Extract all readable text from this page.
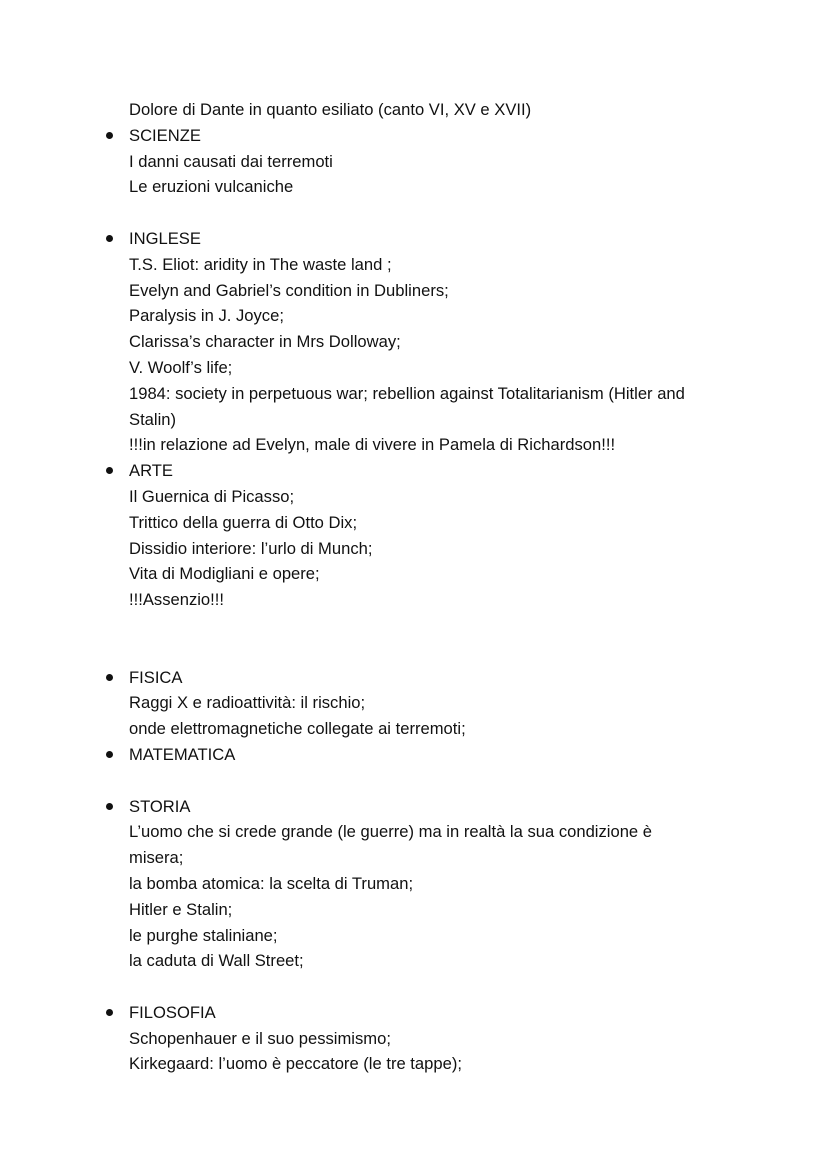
Dolore di Dante in quanto esiliato (canto VI, XV e XVII)
SCIENZE
I danni causati dai terremoti
Le eruzioni vulcaniche
INGLESE
T.S. Eliot: aridity in The waste land ;
Evelyn and Gabriel’s condition in Dubliners;
Paralysis in J. Joyce;
Clarissa’s character in Mrs Dolloway;
V. Woolf’s life;
1984: society in perpetuous war; rebellion against Totalitarianism (Hitler and
Stalin)
!!!in relazione ad Evelyn, male di vivere in Pamela di Richardson!!!
ARTE
Il Guernica di Picasso;
Trittico della guerra di Otto Dix;
Dissidio interiore: l’urlo di Munch;
Vita di Modigliani e opere;
!!!Assenzio!!!
FISICA
Raggi X e radioattività: il rischio;
onde elettromagnetiche collegate ai terremoti;
MATEMATICA
STORIA
L’uomo che si crede grande (le guerre) ma in realtà la sua condizione è
misera;
la bomba atomica: la scelta di Truman;
Hitler e Stalin;
le purghe staliniane;
la caduta di Wall Street;
FILOSOFIA
Schopenhauer e il suo pessimismo;
Kirkegaard: l’uomo è peccatore (le tre tappe);
